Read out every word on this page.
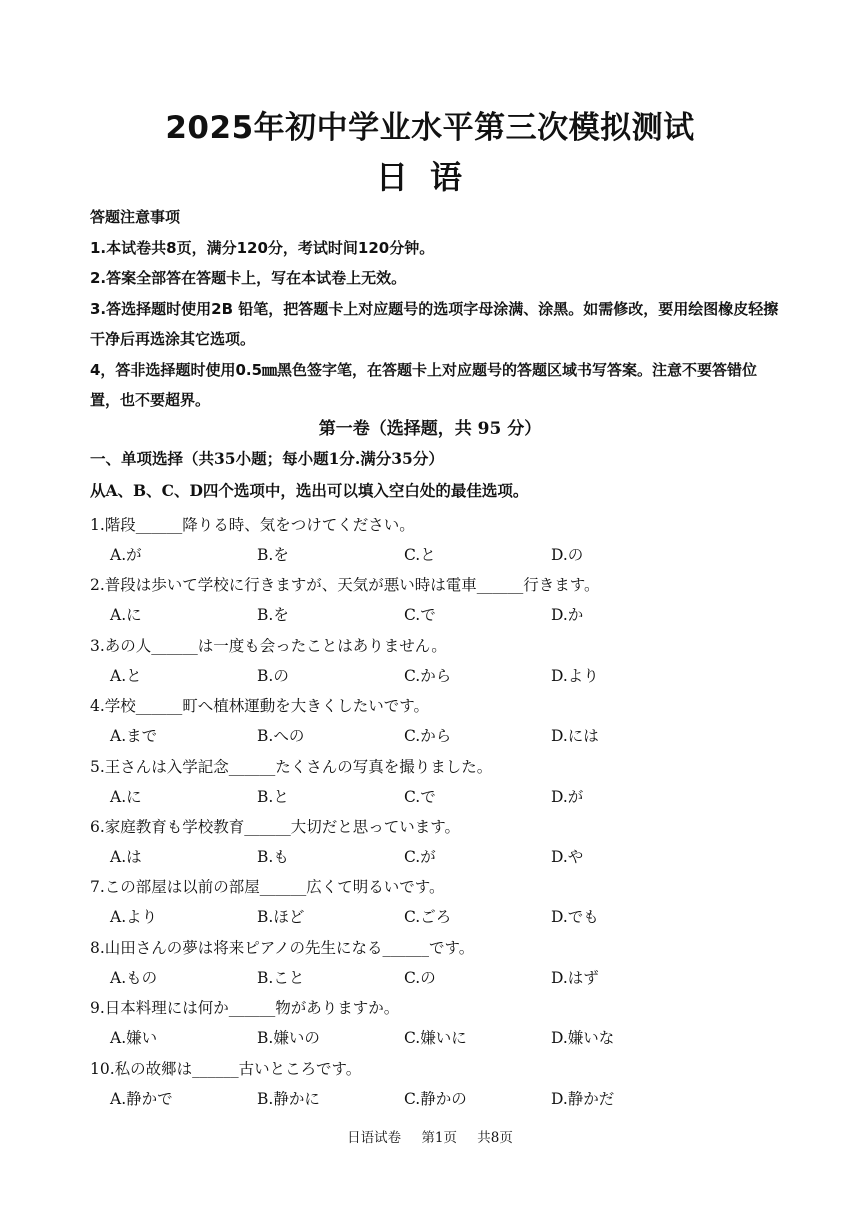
2025年初中学业水平第三次模拟测试
日语

答题注意事项

1.本试卷共8页，满分120分，考试时间120分钟。

2.答案全部答在答题卡上，写在本试卷上无效。

3.答选择题时使用2B 铅笔，把答题卡上对应题号的选项字母涂满、涂黑。如需修改，要用绘图橡皮轻擦干净后再选涂其它选项。

4，答非选择题时使用0.5㎜黑色签字笔，在答题卡上对应题号的答题区域书写答案。注意不要答错位置，也不要超界。

第一卷（选择题，共 95 分）
一、单项选择（共35小题；每小题1分.满分35分）
从A、B、C、D四个选项中，选出可以填入空白处的最佳选项。
1.階段______降りる時、気をつけてください。
A.が	B.を	C.と	D.の
2.普段は歩いて学校に行きますが、天気が悪い時は電車______行きます。
A.に	B.を	C.で	D.か
3.あの人______は一度も会ったことはありません。
A.と	B.の	C.から	D.より
4.学校______町へ植林運動を大きくしたいです。
A.まで	B.への	C.から	D.には
5.王さんは入学記念______たくさんの写真を撮りました。
A.に	B.と	C.で	D.が
6.家庭教育も学校教育______大切だと思っています。
A.は	B.も	C.が	D.や
7.この部屋は以前の部屋______広くて明るいです。
A.より	B.ほど	C.ごろ	D.でも
8.山田さんの夢は将来ピアノの先生になる______です。
A.もの	B.こと	C.の	D.はず
9.日本料理には何か______物がありますか。
A.嫌い	B.嫌いの	C.嫌いに	D.嫌いな
10.私の故郷は______古いところです。
A.静かで	B.静かに	C.静かの	D.静かだ
日语试卷 第1页 共8页
